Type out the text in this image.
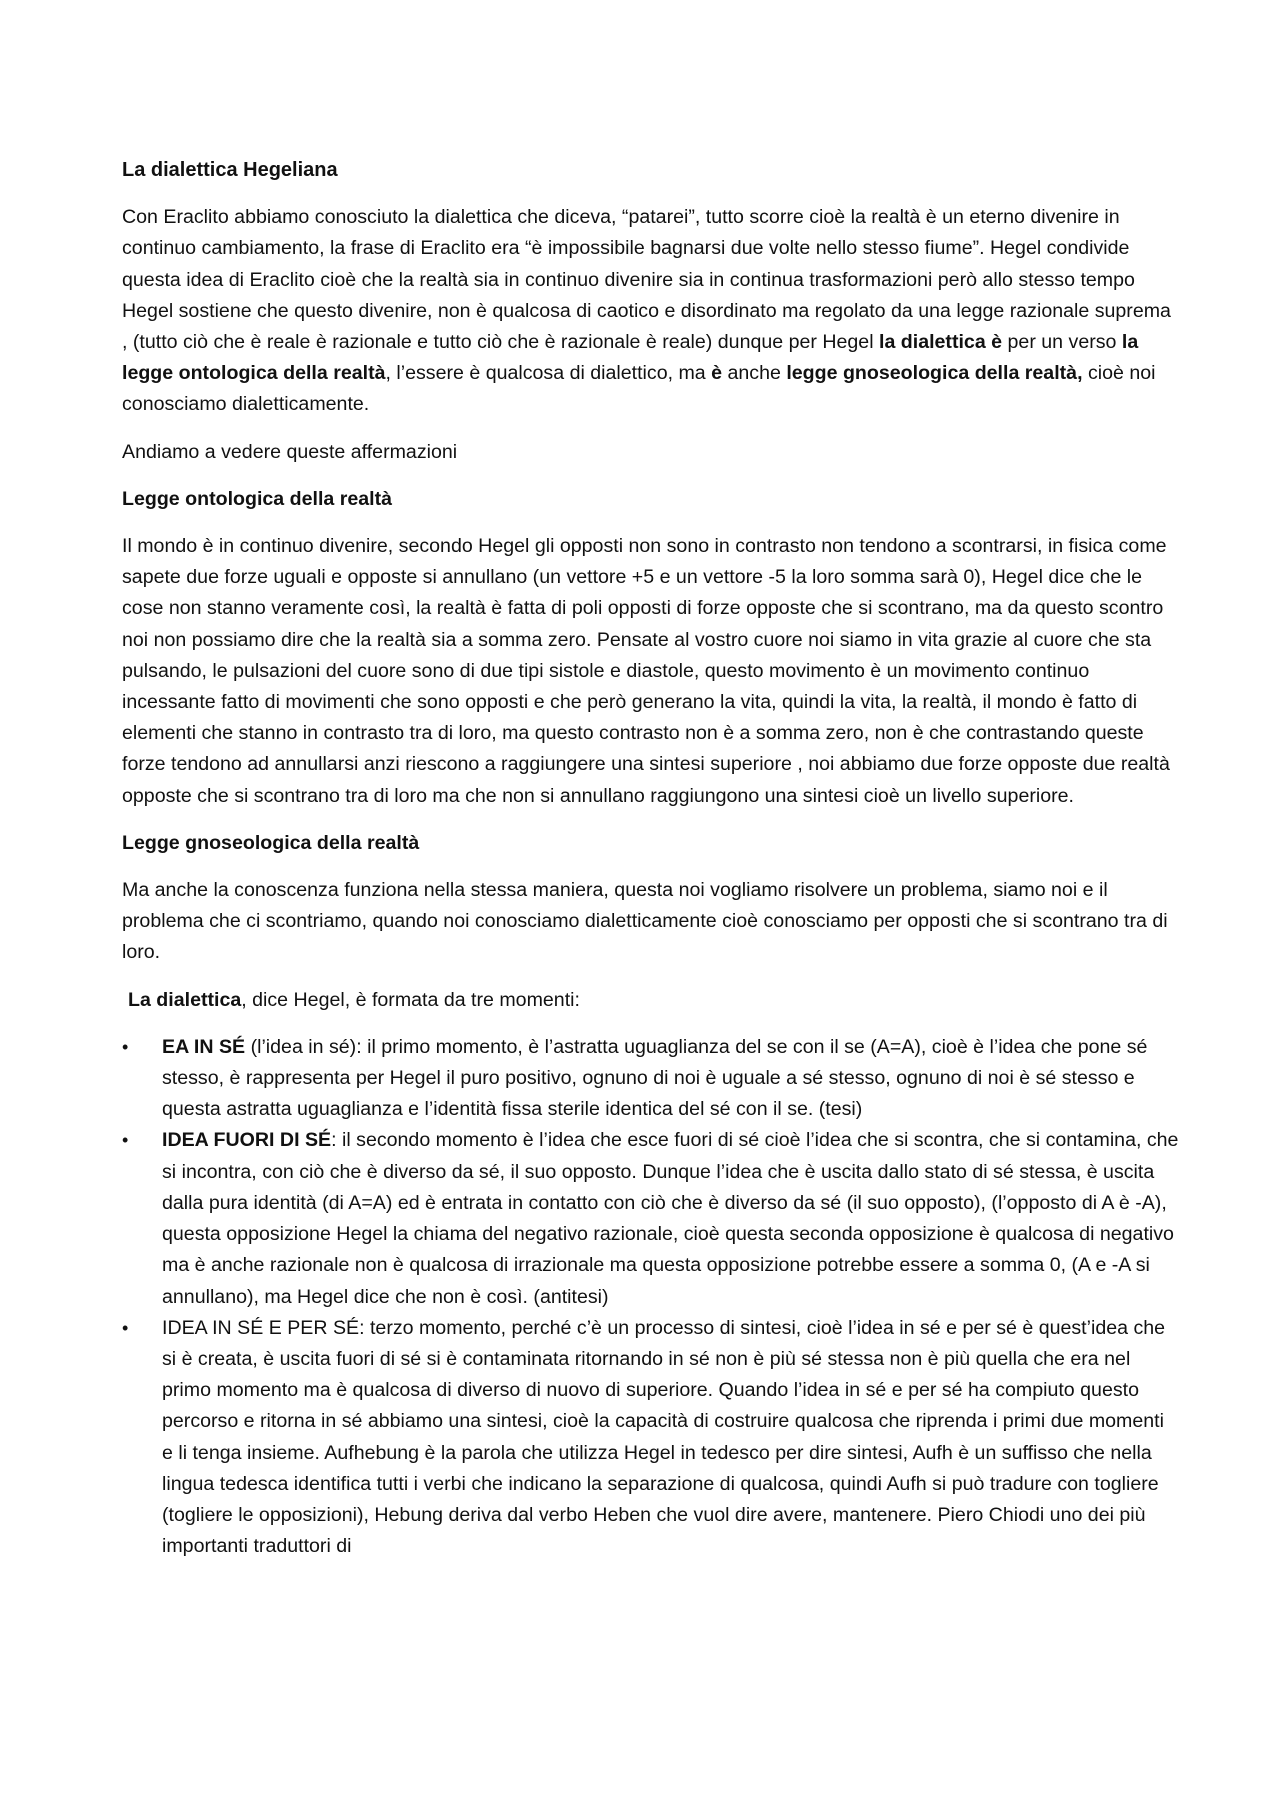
La dialettica Hegeliana

Con Eraclito abbiamo conosciuto la dialettica che diceva, “patarei”, tutto scorre cioè la realtà è un eterno divenire in continuo cambiamento, la frase di Eraclito era “è impossibile bagnarsi due volte nello stesso fiume”. Hegel condivide questa idea di Eraclito cioè che la realtà sia in continuo divenire sia in continua trasformazioni però allo stesso tempo Hegel sostiene che questo divenire, non è qualcosa di caotico e disordinato ma regolato da una legge razionale suprema , (tutto ciò che è reale è razionale e tutto ciò che è razionale è reale) dunque per Hegel la dialettica è per un verso la legge ontologica della realtà, l’essere è qualcosa di dialettico, ma è anche legge gnoseologica della realtà, cioè noi conosciamo dialetticamente.

Andiamo a vedere queste affermazioni

Legge ontologica della realtà

Il mondo è in continuo divenire, secondo Hegel gli opposti non sono in contrasto non tendono a scontrarsi, in fisica come sapete due forze uguali e opposte si annullano (un vettore +5 e un vettore -5 la loro somma sarà 0), Hegel dice che le cose non stanno veramente così, la realtà è fatta di poli opposti di forze opposte che si scontrano, ma da questo scontro noi non possiamo dire che la realtà sia a somma zero. Pensate al vostro cuore noi siamo in vita grazie al cuore che sta pulsando, le pulsazioni del cuore sono di due tipi sistole e diastole, questo movimento è un movimento continuo incessante fatto di movimenti che sono opposti e che però generano la vita, quindi la vita, la realtà, il mondo è fatto di elementi che stanno in contrasto tra di loro, ma questo contrasto non è a somma zero, non è che contrastando queste forze tendono ad annullarsi anzi riescono a raggiungere una sintesi superiore , noi abbiamo due forze opposte due realtà opposte che si scontrano tra di loro ma che non si annullano raggiungono una sintesi cioè un livello superiore.

Legge gnoseologica della realtà

Ma anche la conoscenza funziona nella stessa maniera, questa noi vogliamo risolvere un problema, siamo noi e il problema che ci scontriamo, quando noi conosciamo dialetticamente cioè conosciamo per opposti che si scontrano tra di loro.

La dialettica, dice Hegel, è formata da tre momenti:

•	EA IN SÉ (l’idea in sé): il primo momento, è l’astratta uguaglianza del se con il se (A=A), cioè è l’idea che pone sé stesso, è rappresenta per Hegel il puro positivo, ognuno di noi è uguale a sé stesso, ognuno di noi è sé stesso e questa astratta uguaglianza e l’identità fissa sterile identica del sé con il se. (tesi)
•	IDEA FUORI DI SÉ: il secondo momento è l’idea che esce fuori di sé cioè l’idea che si scontra, che si contamina, che si incontra, con ciò che è diverso da sé, il suo opposto. Dunque l’idea che è uscita dallo stato di sé stessa, è uscita dalla pura identità (di A=A) ed è entrata in contatto con ciò che è diverso da sé (il suo opposto), (l’opposto di A è -A), questa opposizione Hegel la chiama del negativo razionale, cioè questa seconda opposizione è qualcosa di negativo ma è anche razionale non è qualcosa di irrazionale ma questa opposizione potrebbe essere a somma 0, (A e -A si annullano), ma Hegel dice che non è così. (antitesi)
•	IDEA IN SÉ E PER SÉ: terzo momento, perché c’è un processo di sintesi, cioè l’idea in sé e per sé è quest’idea che si è creata, è uscita fuori di sé si è contaminata ritornando in sé non è più sé stessa non è più quella che era nel primo momento ma è qualcosa di diverso di nuovo di superiore. Quando l’idea in sé e per sé ha compiuto questo percorso e ritorna in sé abbiamo una sintesi, cioè la capacità di costruire qualcosa che riprenda i primi due momenti e li tenga insieme. Aufhebung è la parola che utilizza Hegel in tedesco per dire sintesi, Aufh è un suffisso che nella lingua tedesca identifica tutti i verbi che indicano la separazione di qualcosa, quindi Aufh si può tradure con togliere (togliere le opposizioni), Hebung deriva dal verbo Heben che vuol dire avere, mantenere. Piero Chiodi uno dei più importanti traduttori di
